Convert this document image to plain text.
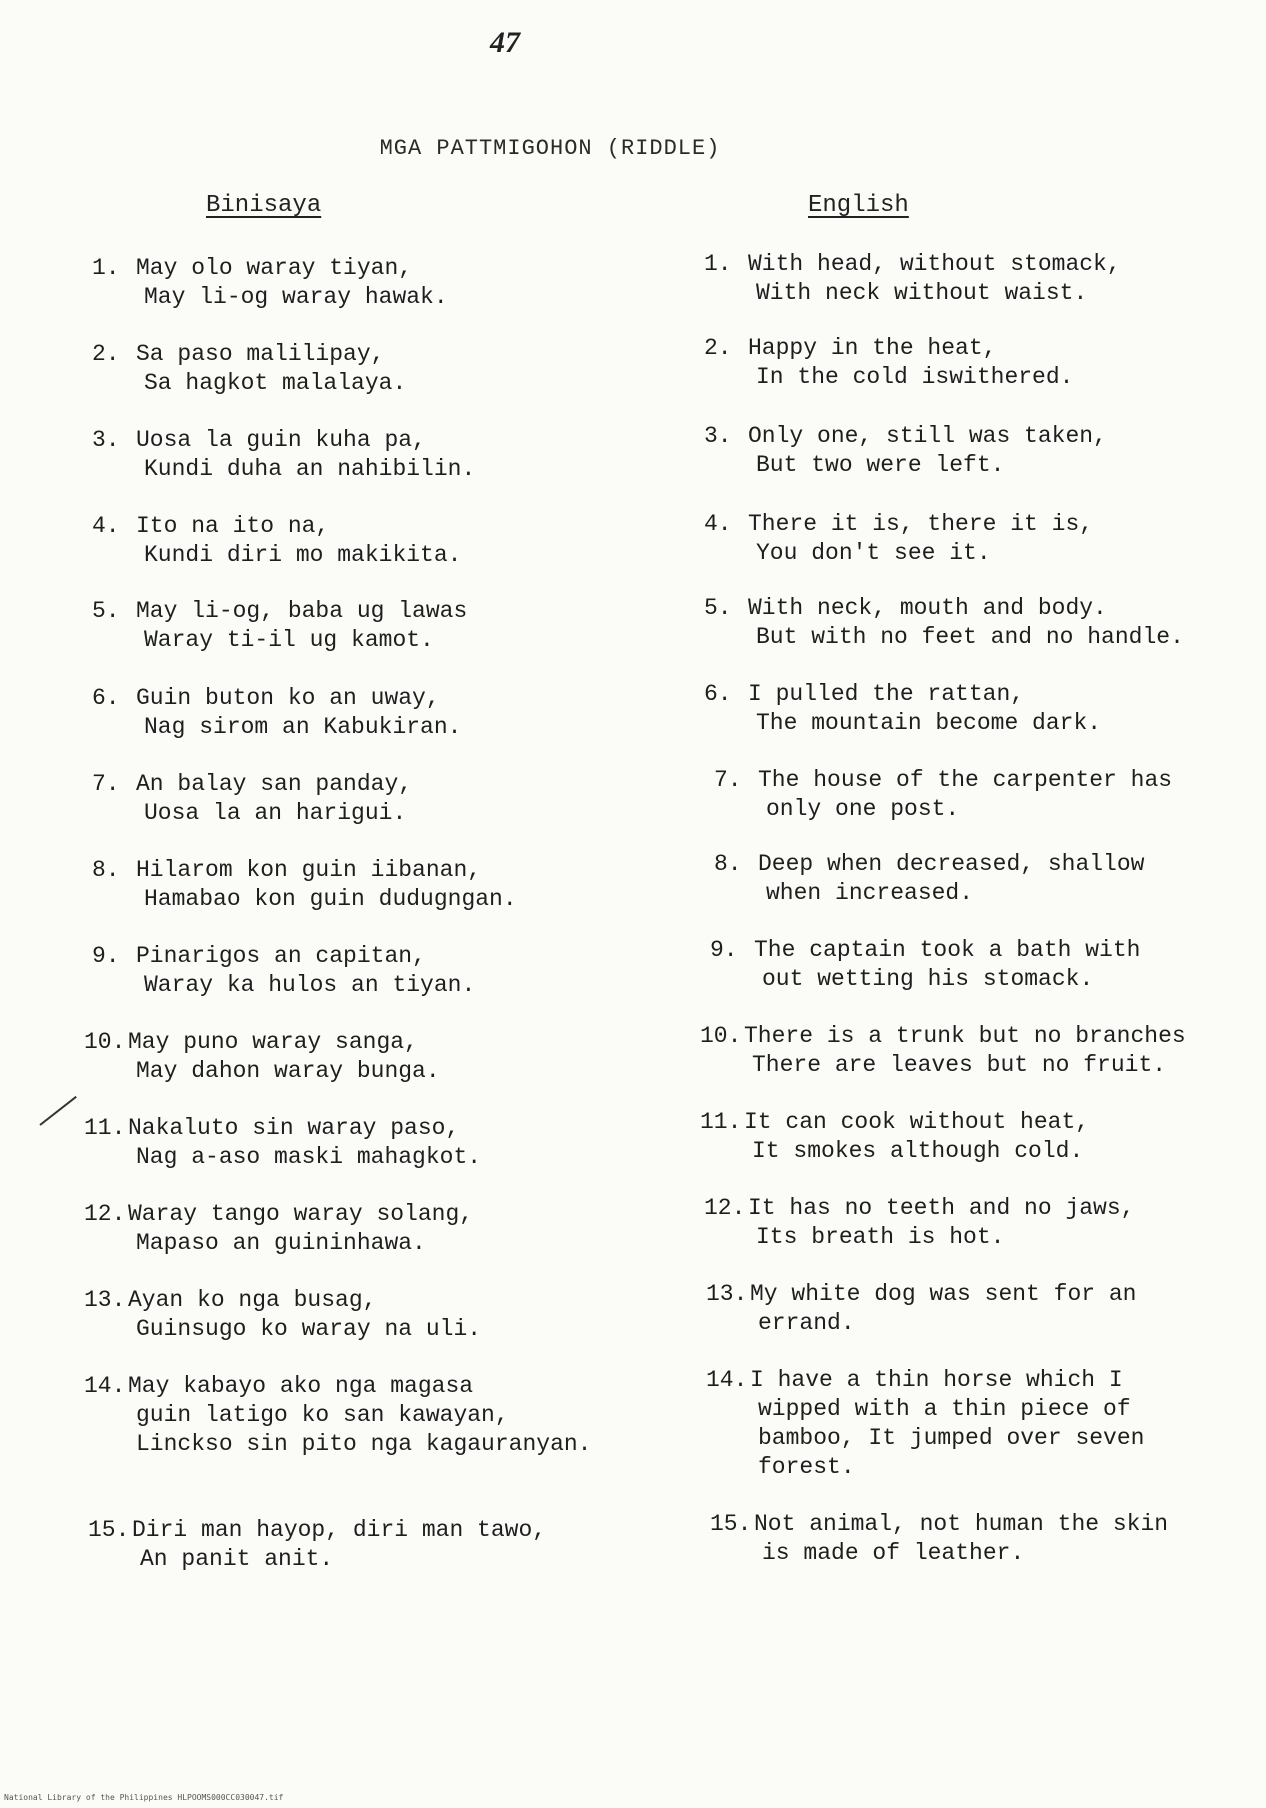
47
MGA PATTMIGOHON (RIDDLE)
Binisaya	English
1. May olo waray tiyan,
May li-og waray hawak.
2. Sa paso malilipay,
Sa hagkot malalaya.
3. Uosa la guin kuha pa,
Kundi duha an nahibilin.
4. Ito na ito na,
Kundi diri mo makikita.
5. May li-og, baba ug lawas
Waray ti-il ug kamot.
6. Guin buton ko an uway,
Nag sirom an Kabukiran.
7. An balay san panday,
Uosa la an harigui.
8. Hilarom kon guin iibanan,
Hamabao kon guin dudugngan.
9. Pinarigos an capitan,
Waray ka hulos an tiyan.
10. May puno waray sanga,
May dahon waray bunga.
11. Nakaluto sin waray paso,
Nag a-aso maski mahagkot.
12. Waray tango waray solang,
Mapaso an guininhawa.
13. Ayan ko nga busag,
Guinsugo ko waray na uli.
14. May kabayo ako nga magasa
guin latigo ko san kawayan,
Linckso sin pito nga kagauranyan.
15. Diri man hayop, diri man tawo,
An panit anit.
1. With head, without stomack,
With neck without waist.
2. Happy in the heat,
In the cold iswithered.
3. Only one, still was taken,
But two were left.
4. There it is, there it is,
You don't see it.
5. With neck, mouth and body.
But with no feet and no handle.
6. I pulled the rattan,
The mountain become dark.
7. The house of the carpenter has
only one post.
8. Deep when decreased, shallow
when increased.
9. The captain took a bath with
out wetting his stomack.
10. There is a trunk but no branches
There are leaves but no fruit.
11. It can cook without heat,
It smokes although cold.
12. It has no teeth and no jaws,
Its breath is hot.
13. My white dog was sent for an
errand.
14. I have a thin horse which I
wipped with a thin piece of
bamboo, It jumped over seven
forest.
15. Not animal, not human the skin
is made of leather.
National Library of the Philippines HLPOOMS000CC030047.tif
